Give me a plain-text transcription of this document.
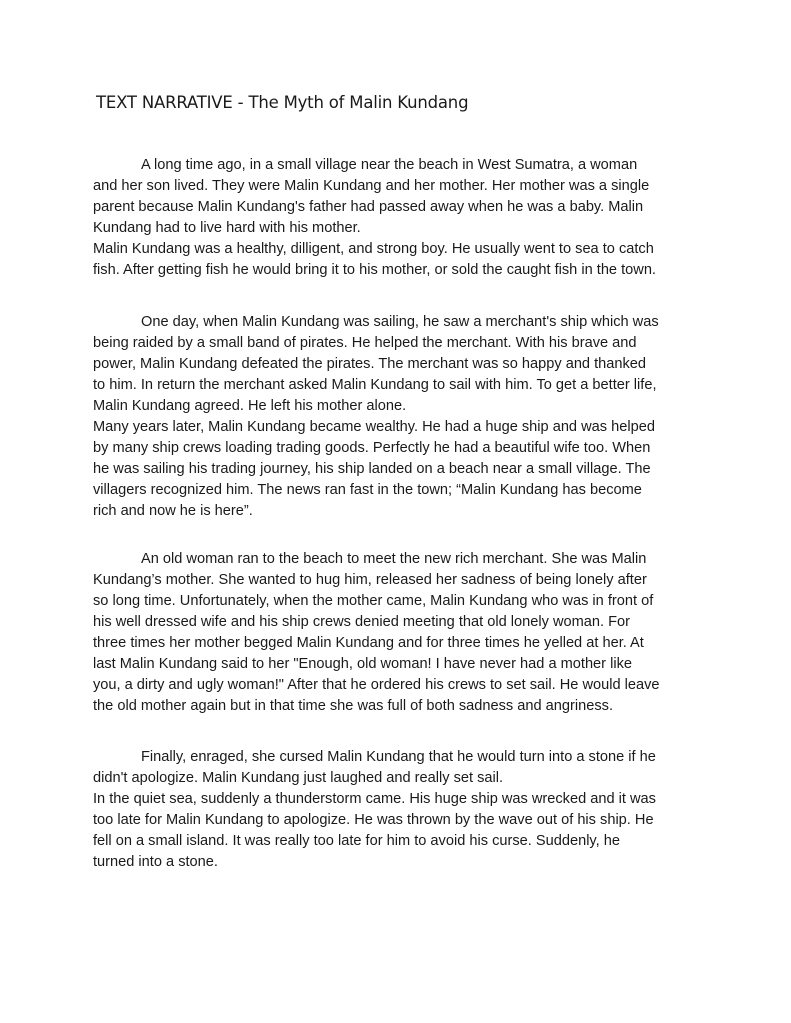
TEXT NARRATIVE - The Myth of Malin Kundang

A long time ago, in a small village near the beach in West Sumatra, a woman
and her son lived. They were Malin Kundang and her mother. Her mother was a single
parent because Malin Kundang's father had passed away when he was a baby. Malin
Kundang had to live hard with his mother.
Malin Kundang was a healthy, dilligent, and strong boy. He usually went to sea to catch
fish. After getting fish he would bring it to his mother, or sold the caught fish in the town.

One day, when Malin Kundang was sailing, he saw a merchant's ship which was
being raided by a small band of pirates. He helped the merchant. With his brave and
power, Malin Kundang defeated the pirates. The merchant was so happy and thanked
to him. In return the merchant asked Malin Kundang to sail with him. To get a better life,
Malin Kundang agreed. He left his mother alone.
Many years later, Malin Kundang became wealthy. He had a huge ship and was helped
by many ship crews loading trading goods. Perfectly he had a beautiful wife too. When
he was sailing his trading journey, his ship landed on a beach near a small village. The
villagers recognized him. The news ran fast in the town; “Malin Kundang has become
rich and now he is here”.

An old woman ran to the beach to meet the new rich merchant. She was Malin
Kundang’s mother. She wanted to hug him, released her sadness of being lonely after
so long time. Unfortunately, when the mother came, Malin Kundang who was in front of
his well dressed wife and his ship crews denied meeting that old lonely woman. For
three times her mother begged Malin Kundang and for three times he yelled at her. At
last Malin Kundang said to her "Enough, old woman! I have never had a mother like
you, a dirty and ugly woman!" After that he ordered his crews to set sail. He would leave
the old mother again but in that time she was full of both sadness and angriness.

Finally, enraged, she cursed Malin Kundang that he would turn into a stone if he
didn't apologize. Malin Kundang just laughed and really set sail.
In the quiet sea, suddenly a thunderstorm came. His huge ship was wrecked and it was
too late for Malin Kundang to apologize. He was thrown by the wave out of his ship. He
fell on a small island. It was really too late for him to avoid his curse. Suddenly, he
turned into a stone.
